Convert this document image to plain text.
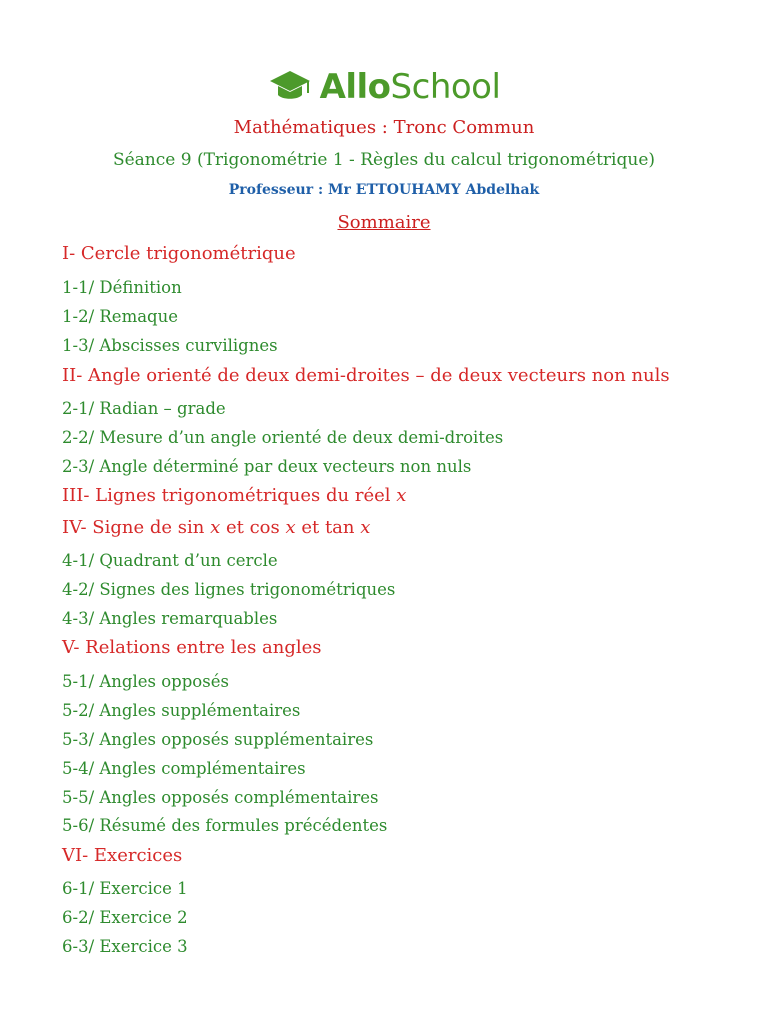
AlloSchool
Mathématiques : Tronc Commun
Séance 9 (Trigonométrie 1 - Règles du calcul trigonométrique)
Professeur : Mr ETTOUHAMY Abdelhak
Sommaire
I- Cercle trigonométrique
1-1/ Définition
1-2/ Remaque
1-3/ Abscisses curvilignes
II- Angle orienté de deux demi-droites – de deux vecteurs non nuls
2-1/ Radian – grade
2-2/ Mesure d’un angle orienté de deux demi-droites
2-3/ Angle déterminé par deux vecteurs non nuls
III- Lignes trigonométriques du réel x
IV- Signe de sin x et cos x et tan x
4-1/ Quadrant d’un cercle
4-2/ Signes des lignes trigonométriques
4-3/ Angles remarquables
V- Relations entre les angles
5-1/ Angles opposés
5-2/ Angles supplémentaires
5-3/ Angles opposés supplémentaires
5-4/ Angles complémentaires
5-5/ Angles opposés complémentaires
5-6/ Résumé des formules précédentes
VI- Exercices
6-1/ Exercice 1
6-2/ Exercice 2
6-3/ Exercice 3
